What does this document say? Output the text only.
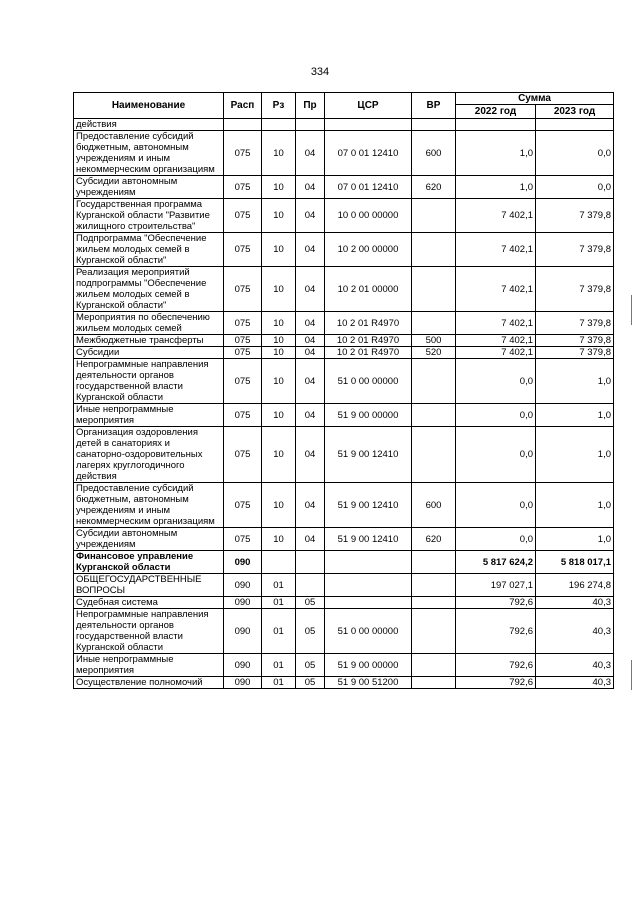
334
Наименование	Расп	Рз	Пр	ЦСР	ВР	Сумма	
						2022 год	2023 год
действия							
Предоставление субсидий бюджетным, автономным учреждениям и иным некоммерческим организациям	075	10	04	07 0 01 12410	600	1,0	0,0
Субсидии автономным учреждениям	075	10	04	07 0 01 12410	620	1,0	0,0
Государственная программа Курганской области "Развитие жилищного строительства"	075	10	04	10 0 00 00000		7 402,1	7 379,8
Подпрограмма "Обеспечение жильем молодых семей в Курганской области"	075	10	04	10 2 00 00000		7 402,1	7 379,8
Реализация мероприятий подпрограммы "Обеспечение жильем молодых семей в Курганской области"	075	10	04	10 2 01 00000		7 402,1	7 379,8
Мероприятия по обеспечению жильем молодых семей	075	10	04	10 2 01 R4970		7 402,1	7 379,8
Межбюджетные трансферты	075	10	04	10 2 01 R4970	500	7 402,1	7 379,8
Субсидии	075	10	04	10 2 01 R4970	520	7 402,1	7 379,8
Непрограммные направления деятельности органов государственной власти Курганской области	075	10	04	51 0 00 00000		0,0	1,0
Иные непрограммные мероприятия	075	10	04	51 9 00 00000		0,0	1,0
Организация оздоровления детей в санаториях и санаторно-оздоровительных лагерях круглогодичного действия	075	10	04	51 9 00 12410		0,0	1,0
Предоставление субсидий бюджетным, автономным учреждениям и иным некоммерческим организациям	075	10	04	51 9 00 12410	600	0,0	1,0
Субсидии автономным учреждениям	075	10	04	51 9 00 12410	620	0,0	1,0
Финансовое управление Курганской области	090					5 817 624,2	5 818 017,1
ОБЩЕГОСУДАРСТВЕННЫЕ ВОПРОСЫ	090	01				197 027,1	196 274,8
Судебная система	090	01	05			792,6	40,3
Непрограммные направления деятельности органов государственной власти Курганской области	090	01	05	51 0 00 00000		792,6	40,3
Иные непрограммные мероприятия	090	01	05	51 9 00 00000		792,6	40,3
Осуществление полномочий	090	01	05	51 9 00 51200		792,6	40,3
